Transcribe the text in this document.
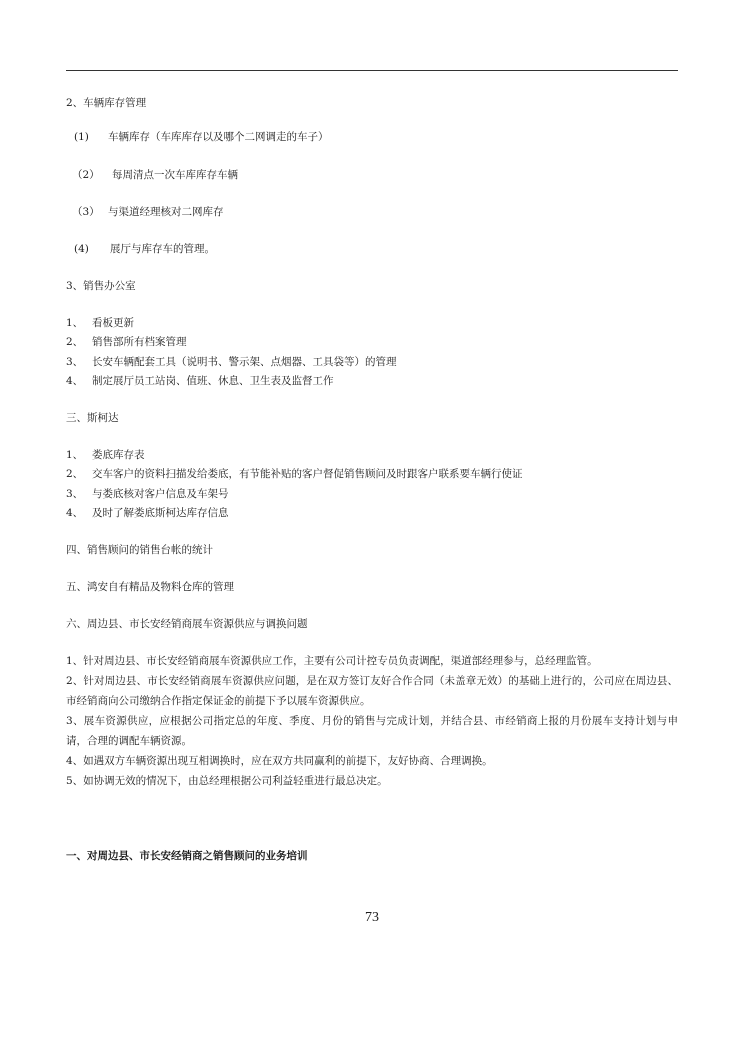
2、车辆库存管理
(1) 车辆库存（车库库存以及哪个二网调走的车子）
（2） 每周清点一次车库库存车辆
（3） 与渠道经理核对二网库存
(4) 展厅与库存车的管理。
3、销售办公室
1、 看板更新
2、 销售部所有档案管理
3、 长安车辆配套工具（说明书、警示架、点烟器、工具袋等）的管理
4、 制定展厅员工站岗、值班、休息、卫生表及监督工作
三、斯柯达
1、 娄底库存表
2、 交车客户的资料扫描发给娄底，有节能补贴的客户督促销售顾问及时跟客户联系要车辆行使证
3、 与娄底核对客户信息及车架号
4、 及时了解娄底斯柯达库存信息
四、销售顾问的销售台帐的统计
五、鸿安自有精品及物料仓库的管理
六、周边县、市长安经销商展车资源供应与调换问题

1、针对周边县、市长安经销商展车资源供应工作，主要有公司计控专员负责调配，渠道部经理参与，总经理监管。

2、针对周边县、市长安经销商展车资源供应问题，是在双方签订友好合作合同（未盖章无效）的基础上进行的，公司应在周边县、市经销商向公司缴纳合作指定保证金的前提下予以展车资源供应。

3、展车资源供应，应根据公司指定总的年度、季度、月份的销售与完成计划，并结合县、市经销商上报的月份展车支持计划与申请，合理的调配车辆资源。

4、如遇双方车辆资源出现互相调换时，应在双方共同赢利的前提下，友好协商、合理调换。

5、如协调无效的情况下，由总经理根据公司利益轻重进行最总决定。

一、对周边县、市长安经销商之销售顾问的业务培训
73
